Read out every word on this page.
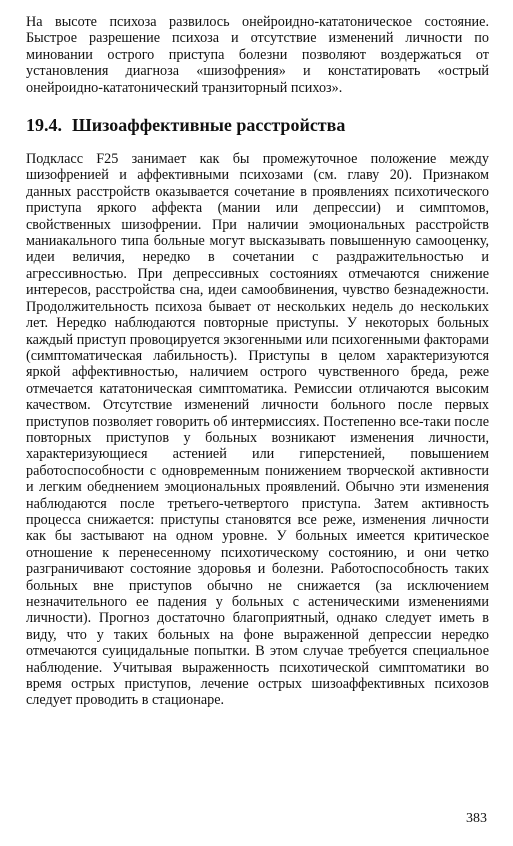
На высоте психоза развилось онейроидно-кататоническое состояние. Быстрое разрешение психоза и отсутствие изменений личности по миновании острого приступа болезни позволяют воздержаться от установления диагноза «шизофрения» и констатировать «острый онейроидно-кататонический транзиторный психоз».

19.4. Шизоаффективные расстройства

Подкласс F25 занимает как бы промежуточное положение между шизофренией и аффективными психозами (см. главу 20). Признаком данных расстройств оказывается сочетание в проявлениях психотического приступа яркого аффекта (мании или депрессии) и симптомов, свойственных шизофрении. При наличии эмоциональных расстройств маниакального типа больные могут высказывать повышенную самооценку, идеи величия, нередко в сочетании с раздражительностью и агрессивностью. При депрессивных состояниях отмечаются снижение интересов, расстройства сна, идеи самообвинения, чувство безнадежности. Продолжительность психоза бывает от нескольких недель до нескольких лет. Нередко наблюдаются повторные приступы. У некоторых больных каждый приступ провоцируется экзогенными или психогенными факторами (симптоматическая лабильность). Приступы в целом характеризуются яркой аффективностью, наличием острого чувственного бреда, реже отмечается кататоническая симптоматика. Ремиссии отличаются высоким качеством. Отсутствие изменений личности больного после первых приступов позволяет говорить об интермиссиях. Постепенно все-таки после повторных приступов у больных возникают изменения личности, характеризующиеся астенией или гиперстенией, повышением работоспособности с одновременным понижением творческой активности и легким обеднением эмоциональных проявлений. Обычно эти изменения наблюдаются после третьего-четвертого приступа. Затем активность процесса снижается: приступы становятся все реже, изменения личности как бы застывают на одном уровне. У больных имеется критическое отношение к перенесенному психотическому состоянию, и они четко разграничивают состояние здоровья и болезни. Работоспособность таких больных вне приступов обычно не снижается (за исключением незначительного ее падения у больных с астеническими изменениями личности). Прогноз достаточно благоприятный, однако следует иметь в виду, что у таких больных на фоне выраженной депрессии нередко отмечаются суицидальные попытки. В этом случае требуется специальное наблюдение. Учитывая выраженность психотической симптоматики во время острых приступов, лечение острых шизоаффективных психозов следует проводить в стационаре.

383
